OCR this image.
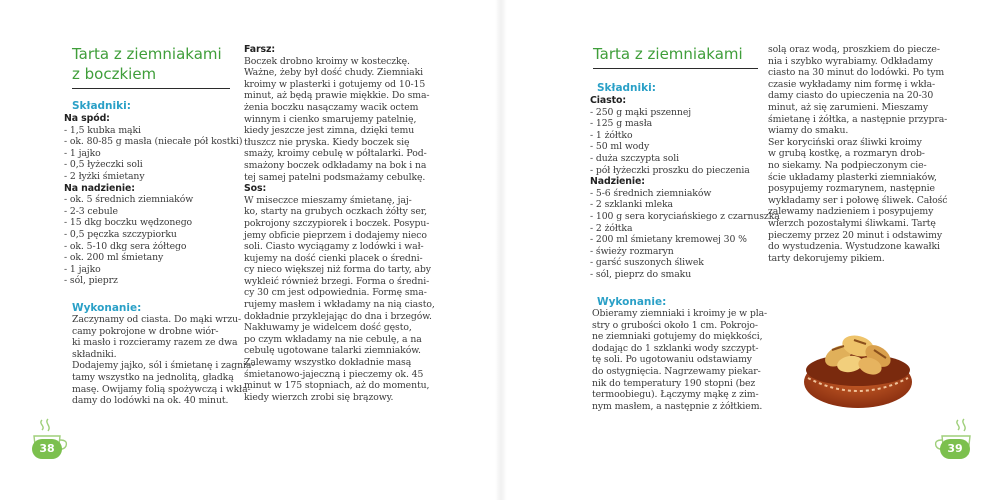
Tarta z ziemniakami
z boczkiem
Składniki:
Na spód:
- 1,5 kubka mąki
- ok. 80-85 g masła (niecałe pół kostki)
- 1 jajko
- 0,5 łyżeczki soli
- 2 łyżki śmietany
Na nadzienie:
- ok. 5 średnich ziemniaków
- 2-3 cebule
- 15 dkg boczku wędzonego
- 0,5 pęczka szczypiorku
- ok. 5-10 dkg sera żółtego
- ok. 200 ml śmietany
- 1 jajko
- sól, pieprz
Wykonanie:
Zaczynamy od ciasta. Do mąki wrzu-
camy pokrojone w drobne wiór-
ki masło i rozcieramy razem ze dwa
składniki.
Dodajemy jajko, sól i śmietanę i zagnia-
tamy wszystko na jednolitą, gładką
masę. Owijamy folią spożywczą i wkła-
damy do lodówki na ok. 40 minut.
Farsz:
Boczek drobno kroimy w kosteczkę.
Ważne, żeby był dość chudy. Ziemniaki
kroimy w plasterki i gotujemy od 10-15
minut, aż będą prawie miękkie. Do sma-
żenia boczku nasączamy wacik octem
winnym i cienko smarujemy patelnię,
kiedy jeszcze jest zimna, dzięki temu
tłuszcz nie pryska. Kiedy boczek się
smaży, kroimy cebulę w półtalarki. Pod-
smażony boczek odkładamy na bok i na
tej samej patelni podsmażamy cebulkę.
Sos:
W miseczce mieszamy śmietanę, jaj-
ko, starty na grubych oczkach żółty ser,
pokrojony szczypiorek i boczek. Posypu-
jemy obficie pieprzem i dodajemy nieco
soli. Ciasto wyciągamy z lodówki i wał-
kujemy na dość cienki placek o średni-
cy nieco większej niż forma do tarty, aby
wykleić również brzegi. Forma o średni-
cy 30 cm jest odpowiednia. Formę sma-
rujemy masłem i wkładamy na nią ciasto,
dokładnie przyklejając do dna i brzegów.
Nakłuwamy je widelcem dość gęsto,
po czym wkładamy na nie cebulę, a na
cebulę ugotowane talarki ziemniaków.
Zalewamy wszystko dokładnie masą
śmietanowo-jajeczną i pieczemy ok. 45
minut w 175 stopniach, aż do momentu,
kiedy wierzch zrobi się brązowy.
38
Tarta z ziemniakami
Składniki:
Ciasto:
- 250 g mąki pszennej
- 125 g masła
- 1 żółtko
- 50 ml wody
- duża szczypta soli
- pół łyżeczki proszku do pieczenia
Nadzienie:
- 5-6 średnich ziemniaków
- 2 szklanki mleka
- 100 g sera koryciańskiego z czarnuszką
- 2 żółtka
- 200 ml śmietany kremowej 30 %
- świeży rozmaryn
- garść suszonych śliwek
- sól, pieprz do smaku
Wykonanie:
Obieramy ziemniaki i kroimy je w pla-
stry o grubości około 1 cm. Pokrojo-
ne ziemniaki gotujemy do miękkości,
dodając do 1 szklanki wody szczypt-
tę soli. Po ugotowaniu odstawiamy
do ostygnięcia. Nagrzewamy piekar-
nik do temperatury 190 stopni (bez
termoobiegu). Łączymy mąkę z zim-
nym masłem, a następnie z żółtkiem.
solą oraz wodą, proszkiem do piecze-
nia i szybko wyrabiamy. Odkładamy
ciasto na 30 minut do lodówki. Po tym
czasie wykładamy nim formę i wkła-
damy ciasto do upieczenia na 20-30
minut, aż się zarumieni. Mieszamy
śmietanę i żółtka, a następnie przypra-
wiamy do smaku.
Ser koryciński oraz śliwki kroimy
w grubą kostkę, a rozmaryn drob-
no siekamy. Na podpieczonym cie-
ście układamy plasterki ziemniaków,
posypujemy rozmarynem, następnie
wykładamy ser i połowę śliwek. Całość
zalewamy nadzieniem i posypujemy
wierzch pozostałymi śliwkami. Tartę
pieczemy przez 20 minut i odstawimy
do wystudzenia. Wystudzone kawałki
tarty dekorujemy pikiem.
39
